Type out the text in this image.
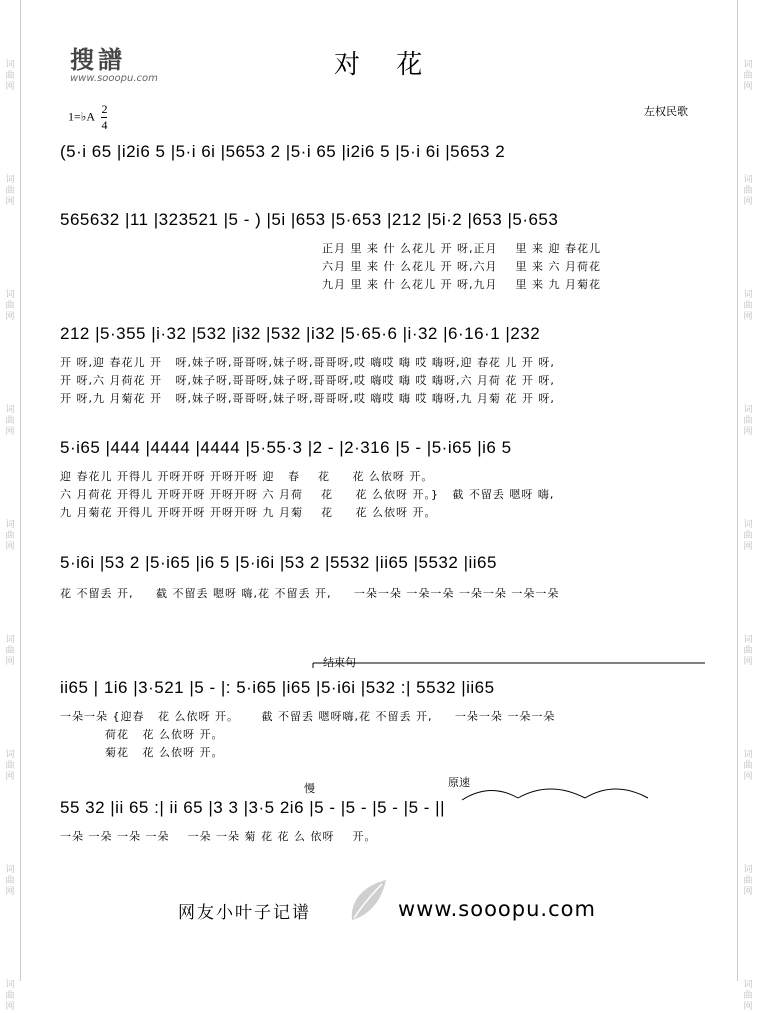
词
曲
网
词
曲
网
词
曲
网
词
曲
网
词
曲
网
词
曲
网
词
曲
网
词
曲
网
词
曲
网
词
曲
网
词
曲
网
词
曲
网
词
曲
网
词
曲
网
词
曲
网
词
曲
网
词
曲
网
词
曲
网
搜譜
www.sooopu.com	对 花
1=♭A $\frac{2}{4}$	左权民歌
(5·i 65 |i2i6 5 |5·i 6i |5653 2 |5·i 65 |i2i6 5 |5·i 6i |5653 2
565632 |11 |323521 |5 - ) |5i |653 |5·653 |212 |5i·2 |653 |5·653
正月 里 来 什 么花儿 开 呀,正月    里 来 迎 春花儿
六月 里 来 什 么花儿 开 呀,六月    里 来 六 月荷花
九月 里 来 什 么花儿 开 呀,九月    里 来 九 月菊花
212 |5·355 |i·32 |532 |i32 |532 |i32 |5·65·6 |i·32 |6·16·1 |232
开 呀,迎 春花儿 开   呀,妹子呀,哥哥呀,妹子呀,哥哥呀,哎 嗨哎 嗨 哎 嗨呀,迎 春花 儿 开 呀,
开 呀,六 月荷花 开   呀,妹子呀,哥哥呀,妹子呀,哥哥呀,哎 嗨哎 嗨 哎 嗨呀,六 月荷 花 开 呀,
开 呀,九 月菊花 开   呀,妹子呀,哥哥呀,妹子呀,哥哥呀,哎 嗨哎 嗨 哎 嗨呀,九 月菊 花 开 呀,
5·i65 |444 |4444 |4444 |5·55·3 |2 - |2·316 |5 - |5·i65 |i6 5
迎 春花儿 开得儿 开呀开呀 开呀开呀 迎   春    花     花 么依呀 开。
六 月荷花 开得儿 开呀开呀 开呀开呀 六 月荷    花     花 么依呀 开。}   截 不留丢 嗯呀 嗨,
九 月菊花 开得儿 开呀开呀 开呀开呀 九 月菊    花     花 么依呀 开。
5·i6i |53 2 |5·i65 |i6 5 |5·i6i |53 2 |5532 |ii65 |5532 |ii65
花 不留丢 开,     截 不留丢 嗯呀 嗨,花 不留丢 开,     一朵一朵 一朵一朵 一朵一朵 一朵一朵
结束句
ii65 | 1i6 |3·521 |5 - |: 5·i65 |i65 |5·i6i |532 :| 5532 |ii65
一朵一朵 {迎春   花 么依呀 开。     截 不留丢 嗯呀嗨,花 不留丢 开,     一朵一朵 一朵一朵
荷花   花 么依呀 开。
菊花   花 么依呀 开。
慢	原速
55 32 |ii 65 :| ii 65 |3 3 |3·5 2i6 |5 - |5 - |5 - |5 - ||
一朵 一朵 一朵 一朵    一朵 一朵 菊 花 花 么 依呀    开。
网友小叶子记谱	www.sooopu.com
